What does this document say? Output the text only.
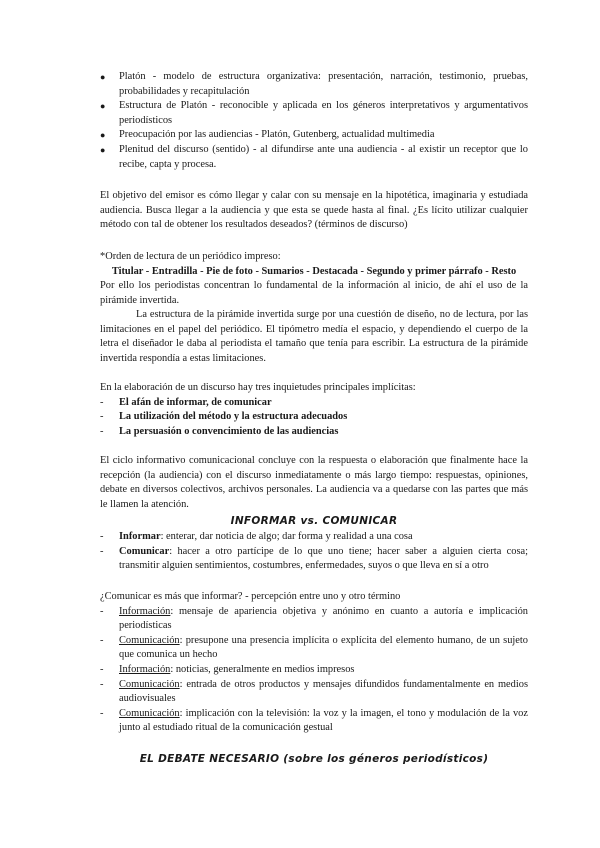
● Platón - modelo de estructura organizativa: presentación, narración, testimonio, pruebas, probabilidades y recapitulación
● Estructura de Platón - reconocible y aplicada en los géneros interpretativos y argumentativos periodísticos
● Preocupación por las audiencias - Platón, Gutenberg, actualidad multimedia
● Plenitud del discurso (sentido) - al difundirse ante una audiencia - al existir un receptor que lo recibe, capta y procesa.
El objetivo del emisor es cómo llegar y calar con su mensaje en la hipotética, imaginaria y estudiada audiencia. Busca llegar a la audiencia y que esta se quede hasta al final. ¿Es lícito utilizar cualquier método con tal de obtener los resultados deseados? (términos de discurso)
*Orden de lectura de un periódico impreso:
Titular - Entradilla - Pie de foto - Sumarios - Destacada - Segundo y primer párrafo - Resto
Por ello los periodistas concentran lo fundamental de la información al inicio, de ahí el uso de la pirámide invertida.
La estructura de la pirámide invertida surge por una cuestión de diseño, no de lectura, por las limitaciones en el papel del periódico. El tipómetro medía el espacio, y dependiendo el cuerpo de la letra el diseñador le daba al periodista el tamaño que tenía para escribir. La estructura de la pirámide invertida respondía a estas limitaciones.
En la elaboración de un discurso hay tres inquietudes principales implícitas:
- El afán de informar, de comunicar
- La utilización del método y la estructura adecuados
- La persuasión o convencimiento de las audiencias
El ciclo informativo comunicacional concluye con la respuesta o elaboración que finalmente hace la recepción (la audiencia) con el discurso inmediatamente o más largo tiempo: respuestas, opiniones, debate en diversos colectivos, archivos personales. La audiencia va a quedarse con las partes que más le llamen la atención.
INFORMAR vs. COMUNICAR
- Informar: enterar, dar noticia de algo; dar forma y realidad a una cosa
- Comunicar: hacer a otro partícipe de lo que uno tiene; hacer saber a alguien cierta cosa; transmitir alguien sentimientos, costumbres, enfermedades, suyos o que lleva en sí a otro
¿Comunicar es más que informar? - percepción entre uno y otro término
- Información: mensaje de apariencia objetiva y anónimo en cuanto a autoría e implicación periodísticas
- Comunicación: presupone una presencia implícita o explícita del elemento humano, de un sujeto que comunica un hecho
- Información: noticias, generalmente en medios impresos
- Comunicación: entrada de otros productos y mensajes difundidos fundamentalmente en medios audiovisuales
- Comunicación: implicación con la televisión: la voz y la imagen, el tono y modulación de la voz junto al estudiado ritual de la comunicación gestual
EL DEBATE NECESARIO (sobre los géneros periodísticos)
